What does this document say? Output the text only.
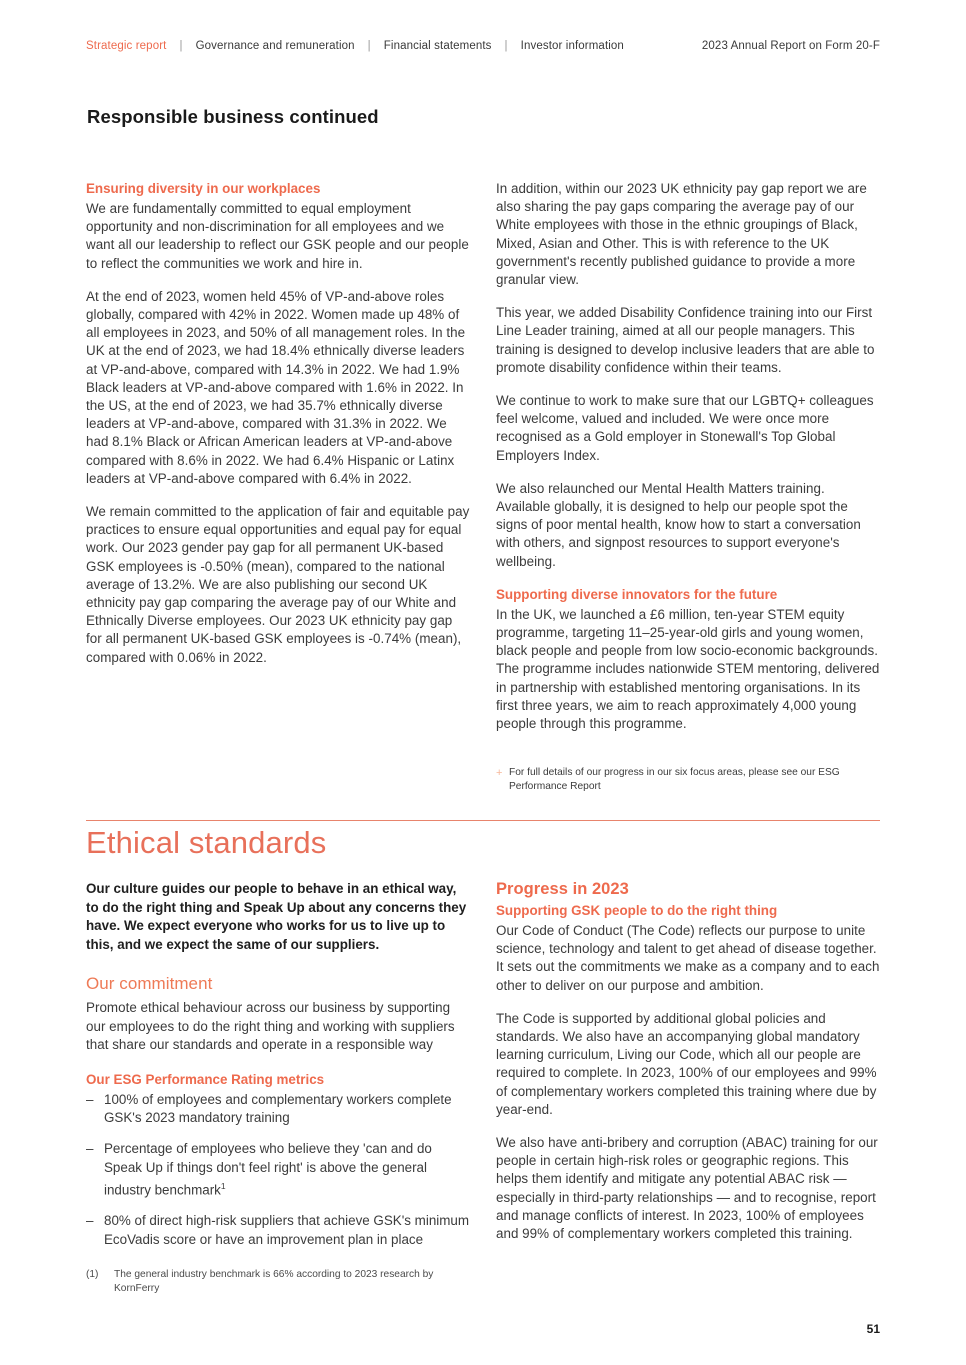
Strategic report	|	Governance and remuneration	|	Financial statements	|	Investor information	2023 Annual Report on Form 20-F
Responsible business continued
Ensuring diversity in our workplaces

We are fundamentally committed to equal employment opportunity and non-discrimination for all employees and we want all our leadership to reflect our GSK people and our people to reflect the communities we work and hire in.

At the end of 2023, women held 45% of VP-and-above roles globally, compared with 42% in 2022. Women made up 48% of all employees in 2023, and 50% of all management roles. In the UK at the end of 2023, we had 18.4% ethnically diverse leaders at VP-and-above, compared with 14.3% in 2022. We had 1.9% Black leaders at VP-and-above compared with 1.6% in 2022. In the US, at the end of 2023, we had 35.7% ethnically diverse leaders at VP-and-above, compared with 31.3% in 2022. We had 8.1% Black or African American leaders at VP-and-above compared with 8.6% in 2022. We had 6.4% Hispanic or Latinx leaders at VP-and-above compared with 6.4% in 2022.

We remain committed to the application of fair and equitable pay practices to ensure equal opportunities and equal pay for equal work. Our 2023 gender pay gap for all permanent UK-based GSK employees is -0.50% (mean), compared to the national average of 13.2%. We are also publishing our second UK ethnicity pay gap comparing the average pay of our White and Ethnically Diverse employees. Our 2023 UK ethnicity pay gap for all permanent UK-based GSK employees is -0.74% (mean), compared with 0.06% in 2022.

In addition, within our 2023 UK ethnicity pay gap report we are also sharing the pay gaps comparing the average pay of our White employees with those in the ethnic groupings of Black, Mixed, Asian and Other. This is with reference to the UK government's recently published guidance to provide a more granular view.

This year, we added Disability Confidence training into our First Line Leader training, aimed at all our people managers. This training is designed to develop inclusive leaders that are able to promote disability confidence within their teams.

We continue to work to make sure that our LGBTQ+ colleagues feel welcome, valued and included. We were once more recognised as a Gold employer in Stonewall's Top Global Employers Index.

We also relaunched our Mental Health Matters training. Available globally, it is designed to help our people spot the signs of poor mental health, know how to start a conversation with others, and signpost resources to support everyone's wellbeing.

Supporting diverse innovators for the future

In the UK, we launched a £6 million, ten-year STEM equity programme, targeting 11–25-year-old girls and young women, black people and people from low socio-economic backgrounds. The programme includes nationwide STEM mentoring, delivered in partnership with established mentoring organisations. In its first three years, we aim to reach approximately 4,000 young people through this programme.

+ For full details of our progress in our six focus areas, please see our ESG Performance Report
Ethical standards

Our culture guides our people to behave in an ethical way, to do the right thing and Speak Up about any concerns they have. We expect everyone who works for us to live up to this, and we expect the same of our suppliers.

Our commitment

Promote ethical behaviour across our business by supporting our employees to do the right thing and working with suppliers that share our standards and operate in a responsible way

Our ESG Performance Rating metrics
– 100% of employees and complementary workers complete GSK's 2023 mandatory training
– Percentage of employees who believe they 'can and do Speak Up if things don't feel right' is above the general industry benchmark$^1$
– 80% of direct high-risk suppliers that achieve GSK's minimum EcoVadis score or have an improvement plan in place
Progress in 2023
Supporting GSK people to do the right thing

Our Code of Conduct (The Code) reflects our purpose to unite science, technology and talent to get ahead of disease together. It sets out the commitments we make as a company and to each other to deliver on our purpose and ambition.

The Code is supported by additional global policies and standards. We also have an accompanying global mandatory learning curriculum, Living our Code, which all our people are required to complete. In 2023, 100% of our employees and 99% of complementary workers completed this training where due by year-end.

We also have anti-bribery and corruption (ABAC) training for our people in certain high-risk roles or geographic regions. This helps them identify and mitigate any potential ABAC risk — especially in third-party relationships — and to recognise, report and manage conflicts of interest. In 2023, 100% of employees and 99% of complementary workers completed this training.

(1)	The general industry benchmark is 66% according to 2023 research by KornFerry
51
